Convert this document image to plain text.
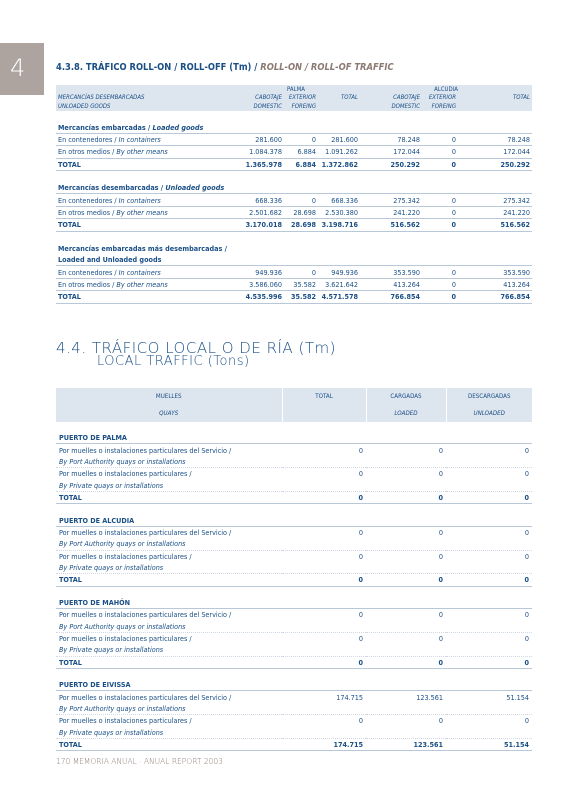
4	4.3.8. TRÁFICO ROLL-ON / ROLL-OFF (Tm) / ROLL-ON / ROLL-OF TRAFFIC
	PALMA			ALCUDIA		
MERCANCÍAS DESEMBARCADAS	CABOTAJE	EXTERIOR	TOTAL	CABOTAJE	EXTERIOR	TOTAL
UNLOADED GOODS	DOMESTIC	FOREING		DOMESTIC	FOREING	

Mercancías embarcadas / Loaded goods						
En contenedores / In containers	281.600	0	281.600	78.248	0	78.248
En otros medios / By other means	1.084.378	6.884	1.091.262	172.044	0	172.044
TOTAL	1.365.978	6.884	1.372.862	250.292	0	250.292

Mercancías desembarcadas / Unloaded goods						
En contenedores / In containers	668.336	0	668.336	275.342	0	275.342
En otros medios / By other means	2.501.682	28.698	2.530.380	241.220	0	241.220
TOTAL	3.170.018	28.698	3.198.716	516.562	0	516.562

Mercancías embarcadas más desembarcadas /						
Loaded and Unloaded goods						
En contenedores / In containers	949.936	0	949.936	353.590	0	353.590
En otros medios / By other means	3.586.060	35.582	3.621.642	413.264	0	413.264
TOTAL	4.535.996	35.582	4.571.578	766.854	0	766.854
4.4. TRÁFICO LOCAL O DE RÍA (Tm)
LOCAL TRAFFIC (Tons)
MUELLES	TOTAL	CARGADAS	DESCARGADAS
QUAYS		LOADED	UNLOADED

PUERTO DE PALMA			
Por muelles o instalaciones particulares del Servicio /	0	0	0
By Port Authority quays or installations			
Por muelles o instalaciones particulares /	0	0	0
By Private quays or installations			
TOTAL	0	0	0

PUERTO DE ALCUDIA			
Por muelles o instalaciones particulares del Servicio /	0	0	0
By Port Authority quays or installations			
Por muelles o instalaciones particulares /	0	0	0
By Private quays or installations			
TOTAL	0	0	0

PUERTO DE MAHÓN			
Por muelles o instalaciones particulares del Servicio /	0	0	0
By Port Authority quays or installations			
Por muelles o instalaciones particulares /	0	0	0
By Private quays or installations			
TOTAL	0	0	0

PUERTO DE EIVISSA			
Por muelles o instalaciones particulares del Servicio /	174.715	123.561	51.154
By Port Authority quays or installations			
Por muelles o instalaciones particulares /	0	0	0
By Private quays or installations			
TOTAL	174.715	123.561	51.154
170 MEMORIA ANUAL · ANUAL REPORT 2003
